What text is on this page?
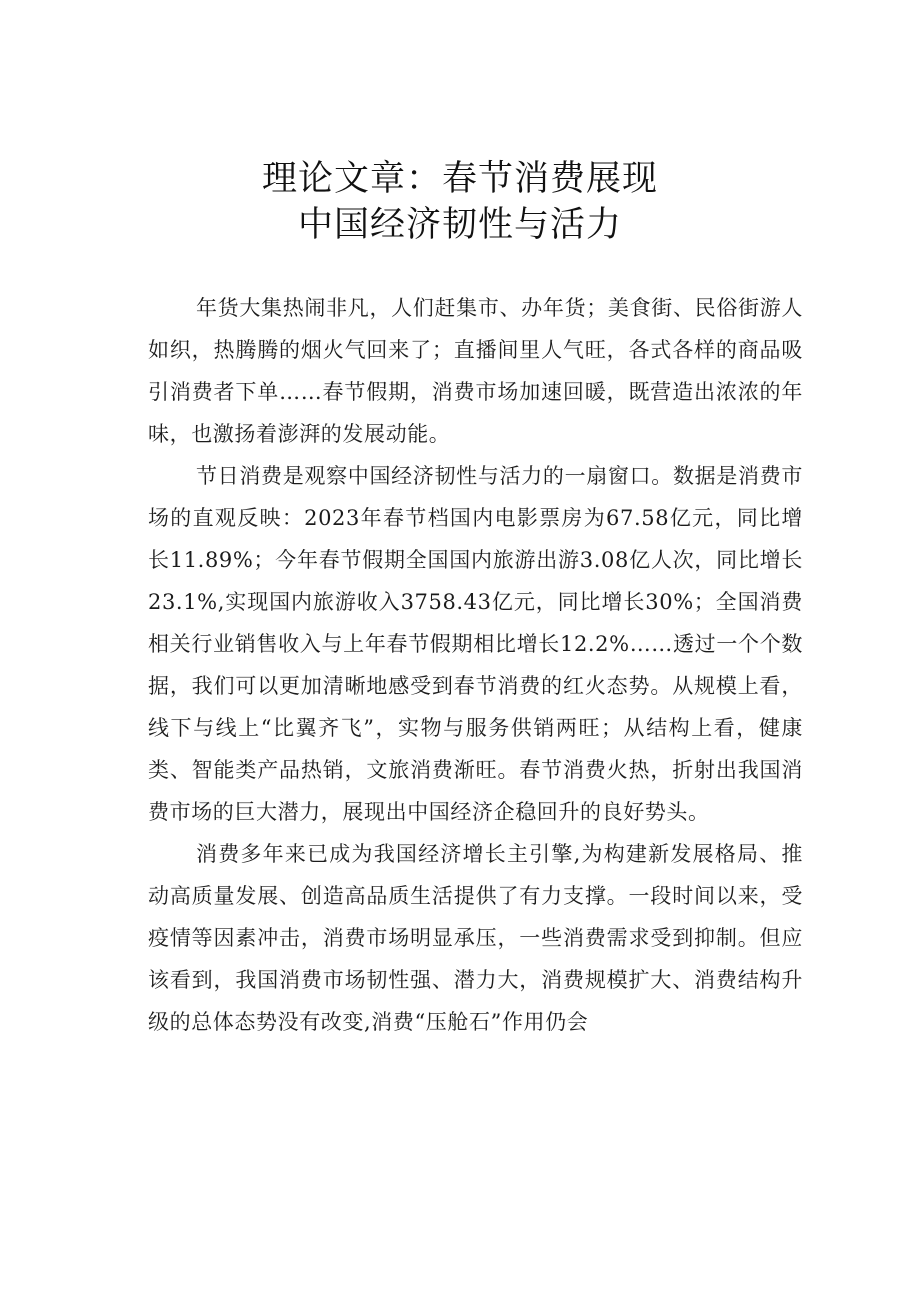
理论文章：春节消费展现
中国经济韧性与活力

年货大集热闹非凡，人们赶集市、办年货；美食街、民俗街游人如织，热腾腾的烟火气回来了；直播间里人气旺，各式各样的商品吸引消费者下单……春节假期，消费市场加速回暖，既营造出浓浓的年味，也激扬着澎湃的发展动能。

节日消费是观察中国经济韧性与活力的一扇窗口。数据是消费市场的直观反映：2023年春节档国内电影票房为67.58亿元，同比增长11.89%；今年春节假期全国国内旅游出游3.08亿人次，同比增长23.1%,实现国内旅游收入3758.43亿元，同比增长30%；全国消费相关行业销售收入与上年春节假期相比增长12.2%……透过一个个数据，我们可以更加清晰地感受到春节消费的红火态势。从规模上看，线下与线上“比翼齐飞”，实物与服务供销两旺；从结构上看，健康类、智能类产品热销，文旅消费渐旺。春节消费火热，折射出我国消费市场的巨大潜力，展现出中国经济企稳回升的良好势头。

消费多年来已成为我国经济增长主引擎,为构建新发展格局、推动高质量发展、创造高品质生活提供了有力支撑。一段时间以来，受疫情等因素冲击，消费市场明显承压，一些消费需求受到抑制。但应该看到，我国消费市场韧性强、潜力大，消费规模扩大、消费结构升级的总体态势没有改变,消费“压舱石”作用仍会
